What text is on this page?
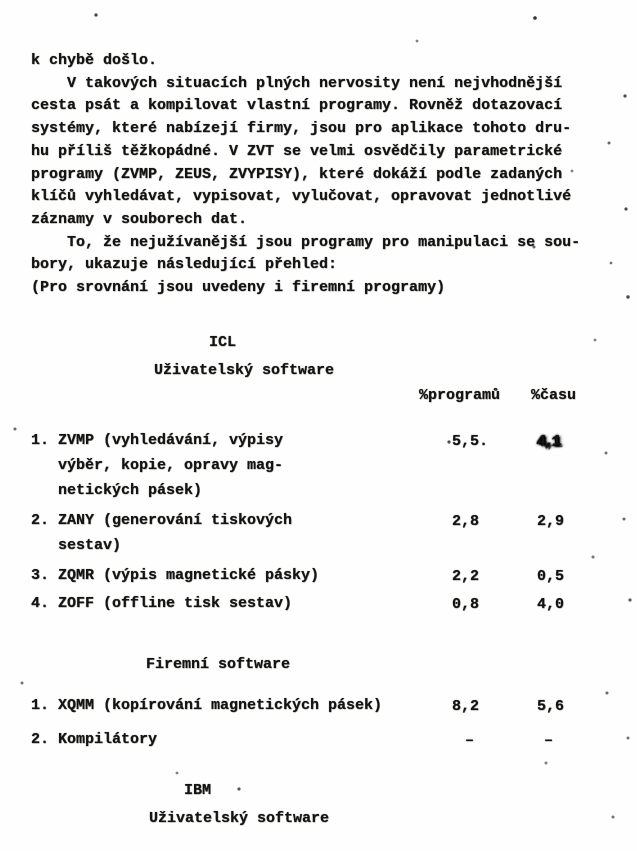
k chybě došlo.
V takových situacích plných nervosity není nejvhodnější
cesta psát a kompilovat vlastní programy. Rovněž dotazovací
systémy, které nabízejí firmy, jsou pro aplikace tohoto dru-
hu příliš těžkopádné. V ZVT se velmi osvědčily parametrické
programy (ZVMP, ZEUS, ZVYPISY), které dokáží podle zadaných
klíčů vyhledávat, vypisovat, vylučovat, opravovat jednotlivé
záznamy v souborech dat.
To, že nejužívanější jsou programy pro manipulaci se sou-
bory, ukazuje následující přehled:
(Pro srovnání jsou uvedeny i firemní programy)
ICL
Uživatelský software
%programů %času
1. ZVMP (vyhledávání, výpisy
výběr, kopie, opravy mag-
netických pásek)
5,5.	4,1
2. ZANY (generování tiskových
sestav)
2,8	2,9
3. ZQMR (výpis magnetické pásky)	2,2	0,5
4. ZOFF (offline tisk sestav)	0,8	4,0
Firemní software
1. XQMM (kopírování magnetických pásek)	8,2	5,6
2. Kompilátory	–	–
IBM
Uživatelský software
